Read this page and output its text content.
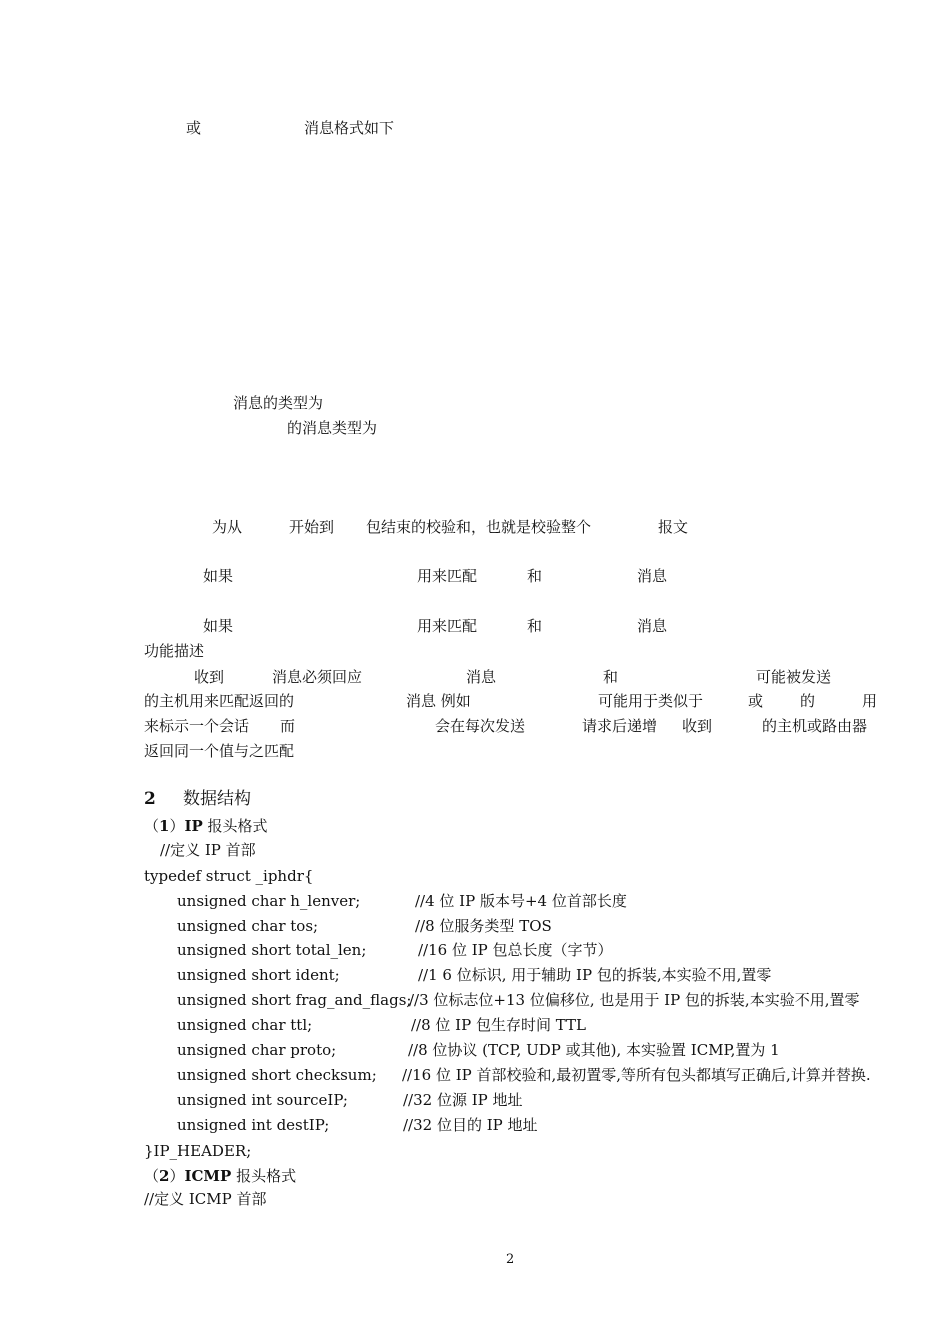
或	消息格式如下
消息的类型为
的消息类型为
为从	开始到 包结束的校验和，也就是校验整个	报文
如果	用来匹配	和	消息
如果	用来匹配	和	消息
功能描述
收到	消息必须回应	消息	和	可能被发送
的主机用来匹配返回的	消息 例如	可能用于类似于	或 的	用
来标示一个会话 而	会在每次发送	请求后递增 收到	的主机或路由器
返回同一个值与之匹配
2 数据结构
（1）IP 报头格式
//定义 IP 首部
typedef struct _iphdr{
unsigned char h_lenver;	//4 位 IP 版本号+4 位首部长度
unsigned char tos;	//8 位服务类型 TOS
unsigned short total_len;	//16 位 IP 包总长度（字节）
unsigned short ident;	//1 6 位标识, 用于辅助 IP 包的拆装,本实验不用,置零
unsigned short frag_and_flags;
//3 位标志位+13 位偏移位, 也是用于 IP 包的拆装,本实验不用,置零
unsigned char ttl;	//8 位 IP 包生存时间 TTL
unsigned char proto;	//8 位协议 (TCP, UDP 或其他), 本实验置 ICMP,置为 1
unsigned short checksum; //16 位 IP 首部校验和,最初置零,等所有包头都填写正确后,计算并替换.
unsigned int sourceIP;	//32 位源 IP 地址
unsigned int destIP;	//32 位目的 IP 地址
}IP_HEADER;
（2）ICMP 报头格式
//定义 ICMP 首部
2
